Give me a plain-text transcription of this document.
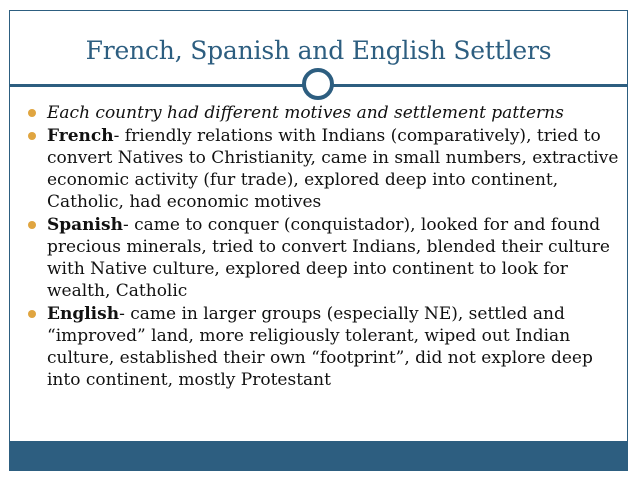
French, Spanish and English Settlers
Each country had different motives and settlement patterns
French- friendly relations with Indians (comparatively), tried to convert Natives to Christianity, came in small numbers, extractive economic activity (fur trade), explored deep into continent, Catholic, had economic motives
Spanish- came to conquer (conquistador), looked for and found precious minerals, tried to convert Indians, blended their culture with Native culture, explored deep into continent to look for wealth, Catholic
English- came in larger groups (especially NE), settled and “improved” land, more religiously tolerant, wiped out Indian culture, established their own “footprint”, did not explore deep into continent, mostly Protestant
